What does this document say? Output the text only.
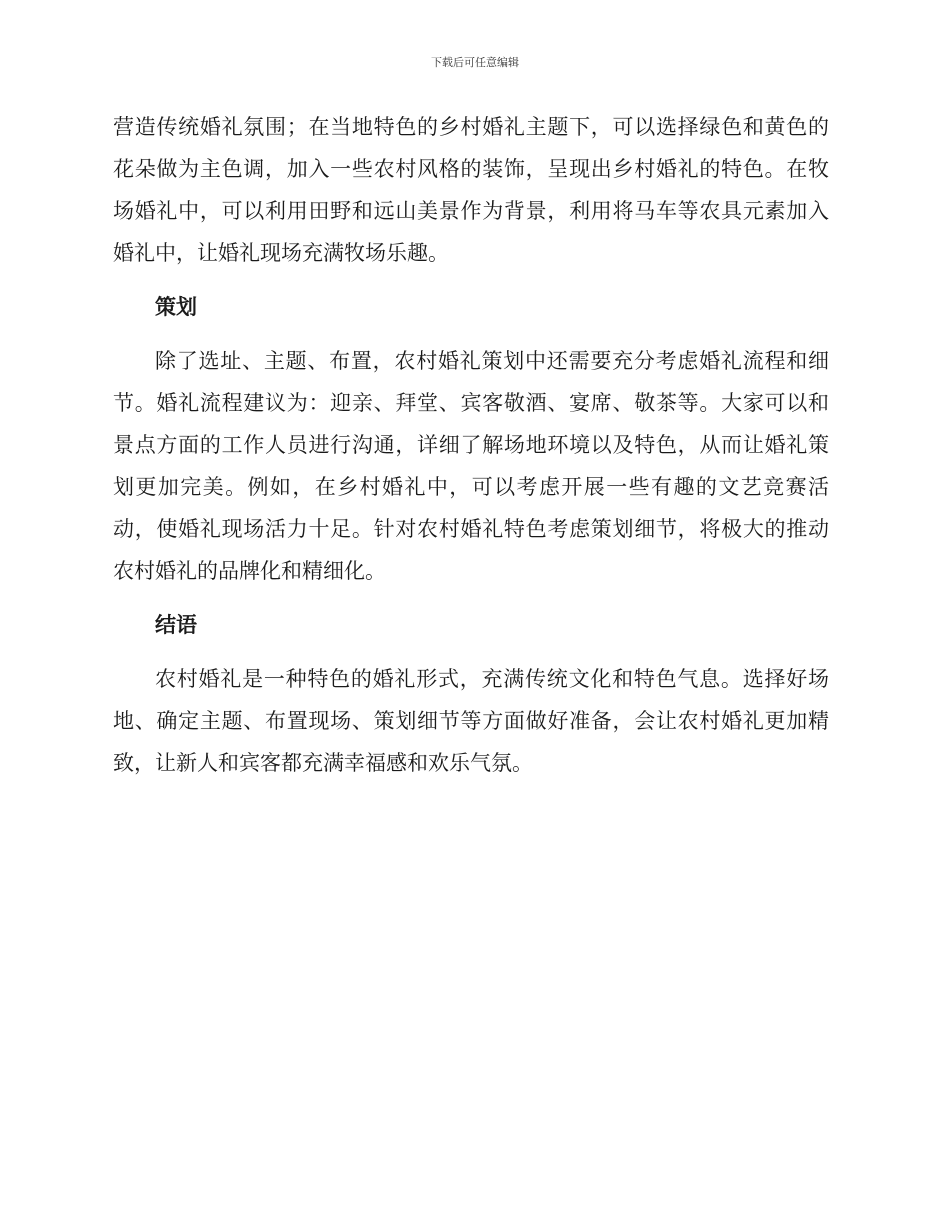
下载后可任意编辑
营造传统婚礼氛围；在当地特色的乡村婚礼主题下，可以选择绿色和黄色的
花朵做为主色调，加入一些农村风格的装饰，呈现出乡村婚礼的特色。在牧
场婚礼中，可以利用田野和远山美景作为背景，利用将马车等农具元素加入
婚礼中，让婚礼现场充满牧场乐趣。
策划
除了选址、主题、布置，农村婚礼策划中还需要充分考虑婚礼流程和细
节。婚礼流程建议为：迎亲、拜堂、宾客敬酒、宴席、敬茶等。大家可以和
景点方面的工作人员进行沟通，详细了解场地环境以及特色，从而让婚礼策
划更加完美。例如，在乡村婚礼中，可以考虑开展一些有趣的文艺竞赛活
动，使婚礼现场活力十足。针对农村婚礼特色考虑策划细节，将极大的推动
农村婚礼的品牌化和精细化。
结语
农村婚礼是一种特色的婚礼形式，充满传统文化和特色气息。选择好场
地、确定主题、布置现场、策划细节等方面做好准备，会让农村婚礼更加精
致，让新人和宾客都充满幸福感和欢乐气氛。
